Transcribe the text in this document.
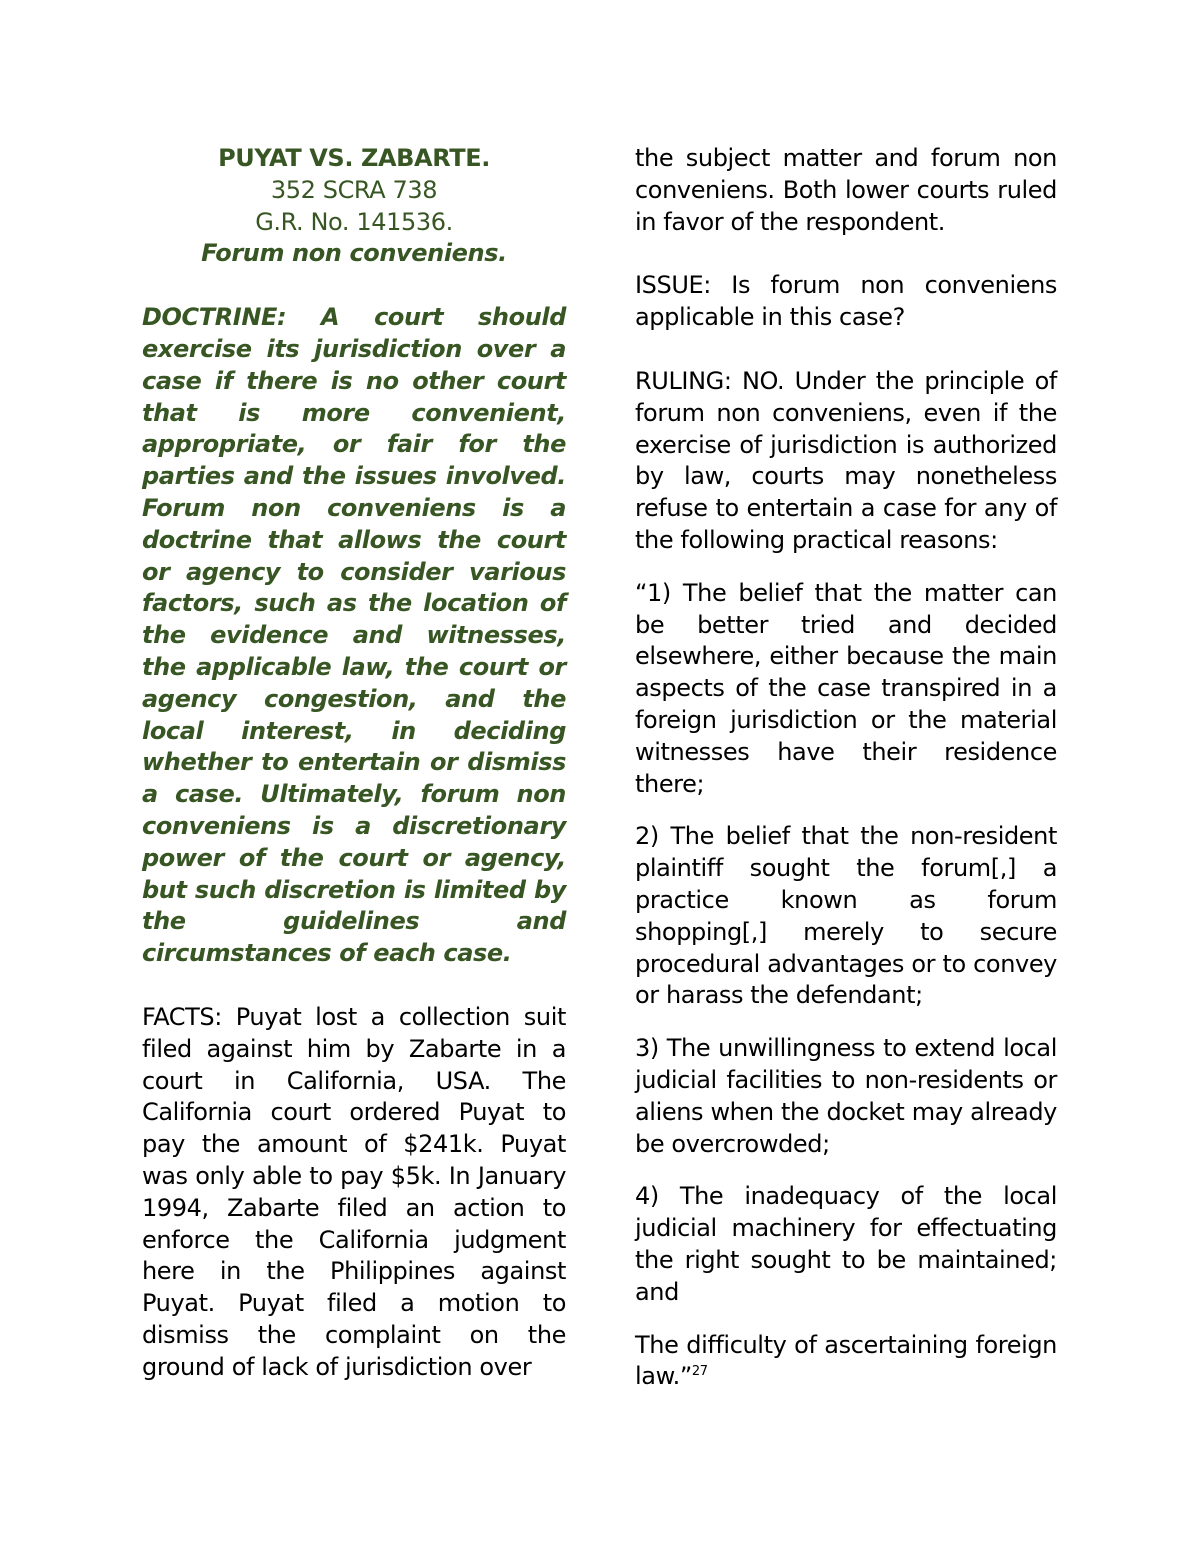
PUYAT VS. ZABARTE.

352 SCRA 738

G.R. No. 141536.

Forum non conveniens.

DOCTRINE: A court should exercise its jurisdiction over a case if there is no other court that is more convenient, appropriate, or fair for the parties and the issues involved. Forum non conveniens is a doctrine that allows the court or agency to consider various factors, such as the location of the evidence and witnesses, the applicable law, the court or agency congestion, and the local interest, in deciding whether to entertain or dismiss a case. Ultimately, forum non conveniens is a discretionary power of the court or agency, but such discretion is limited by the guidelines and circumstances of each case.

FACTS: Puyat lost a collection suit filed against him by Zabarte in a court in California, USA. The California court ordered Puyat to pay the amount of $241k. Puyat was only able to pay $5k. In January 1994, Zabarte filed an action to enforce the California judgment here in the Philippines against Puyat. Puyat filed a motion to dismiss the complaint on the ground of lack of jurisdiction over

the subject matter and forum non conveniens. Both lower courts ruled in favor of the respondent.

ISSUE: Is forum non conveniens applicable in this case?

RULING: NO. Under the principle of forum non conveniens, even if the exercise of jurisdiction is authorized by law, courts may nonetheless refuse to entertain a case for any of the following practical reasons:

“1) The belief that the matter can be better tried and decided elsewhere, either because the main aspects of the case transpired in a foreign jurisdiction or the material witnesses have their residence there;

2) The belief that the non-resident plaintiff sought the forum[,] a practice known as forum shopping[,] merely to secure procedural advantages or to convey or harass the defendant;

3) The unwillingness to extend local judicial facilities to non-residents or aliens when the docket may already be overcrowded;

4) The inadequacy of the local judicial machinery for effectuating the right sought to be maintained; and

The difficulty of ascertaining foreign law.”$^{27}$
